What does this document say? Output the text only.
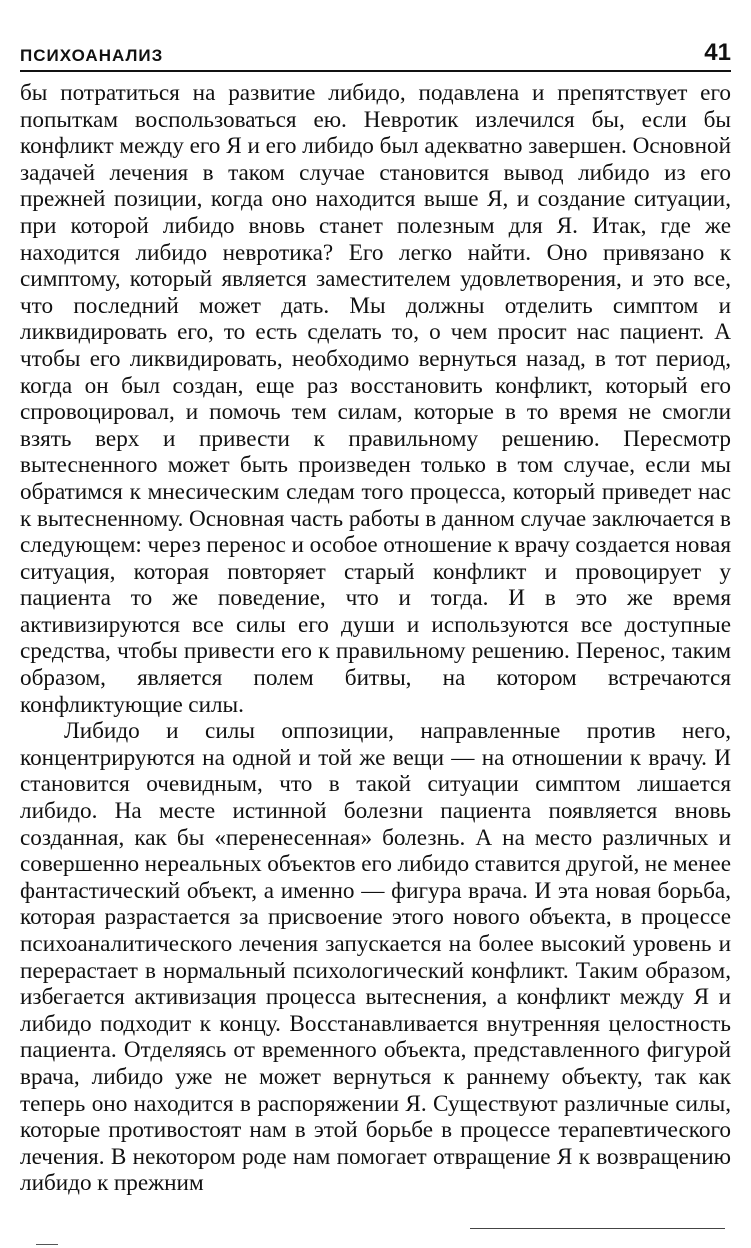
ПСИХОАНАЛИЗ	41

бы потратиться на развитие либидо, подавлена и препятствует его попыткам воспользоваться ею. Невротик излечился бы, если бы конфликт между его Я и его либидо был адекватно завершен. Основной задачей лечения в таком случае становится вывод либидо из его прежней позиции, когда оно находится выше Я, и создание ситуации, при которой либидо вновь станет полезным для Я. Итак, где же находится либидо невротика? Его легко найти. Оно привязано к симптому, который является заместителем удовлетворения, и это все, что последний может дать. Мы должны отделить симптом и ликвидировать его, то есть сделать то, о чем просит нас пациент. А чтобы его ликвидировать, необходимо вернуться назад, в тот период, когда он был создан, еще раз восстановить конфликт, который его спровоцировал, и помочь тем силам, которые в то время не смогли взять верх и привести к правильному решению. Пересмотр вытесненного может быть произведен только в том случае, если мы обратимся к мнесическим следам того процесса, который приведет нас к вытесненному. Основная часть работы в данном случае заключается в следующем: через перенос и особое отношение к врачу создается новая ситуация, которая повторяет старый конфликт и провоцирует у пациента то же поведение, что и тогда. И в это же время активизируются все силы его души и используются все доступные средства, чтобы привести его к правильному решению. Перенос, таким образом, является полем битвы, на котором встречаются конфликтующие силы.

Либидо и силы оппозиции, направленные против него, концентрируются на одной и той же вещи — на отношении к врачу. И становится очевидным, что в такой ситуации симптом лишается либидо. На месте истинной болезни пациента появляется вновь созданная, как бы «перенесенная» болезнь. А на место различных и совершенно нереальных объектов его либидо ставится другой, не менее фантастический объект, а именно — фигура врача. И эта новая борьба, которая разрастается за присвоение этого нового объекта, в процессе психоаналитического лечения запускается на более высокий уровень и перерастает в нормальный психологический конфликт. Таким образом, избегается активизация процесса вытеснения, а конфликт между Я и либидо подходит к концу. Восстанавливается внутренняя целостность пациента. Отделяясь от временного объекта, представленного фигурой врача, либидо уже не может вернуться к раннему объекту, так как теперь оно находится в распоряжении Я. Существуют различные силы, которые противостоят нам в этой борьбе в процессе терапевтического лечения. В некотором роде нам помогает отвращение Я к возвращению либидо к прежним
